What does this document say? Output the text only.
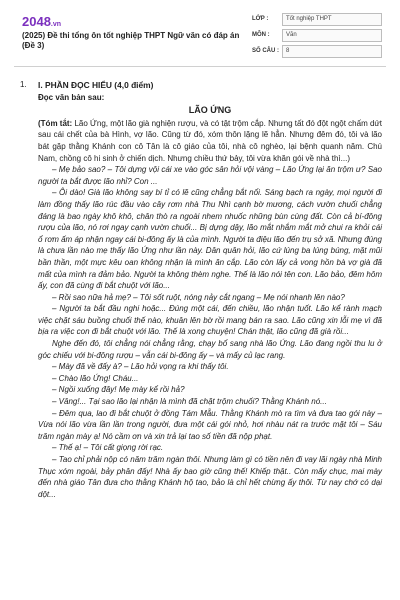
2048.vn
(2025) Đề thi tổng ôn tốt nghiệp THPT Ngữ văn có đáp án (Đề 3)
LỚP :	Tốt nghiệp THPT
MÔN :	Văn
SỐ CÂU :	8
1. I. PHẦN ĐỌC HIỂU (4,0 điểm)
Đọc văn bản sau:
LÃO ỨNG

(Tóm tắt: Lão Ứng, một lão già nghiện rượu, và có tật trộm cắp. Nhưng tất đó đột ngột chấm dứt sau cái chết của bà Hình, vợ lão. Cũng từ đó, xóm thôn lặng lẽ hẳn. Nhưng đêm đó, tôi và lão bát gặp thằng Khánh con cô Tân là cô giáo của tôi, nhà cô nghèo, lại bệnh quanh năm. Chú Nam, chồng cô hi sinh ở chiến dịch. Nhưng chiều thứ bảy, tôi vừa khăn gói về nhà thì...)

– Mẹ bảo sao? – Tôi dựng vội cái xe vào góc sân hỏi vội vàng – Lão Ứng lại ăn trộm ư? Sao người ta bắt được lão nhỉ? Con ...

– Ôi dào! Già lão không say bí tỉ có lẽ cũng chẳng bắt nổi. Sáng bạch ra ngày, mọi người đi làm đồng thấy lão rúc đầu vào cây rơm nhà Thu Nhì cạnh bờ mương, cách vườn chuối chẳng đáng là bao ngày khô khô, chân thò ra ngoài nhem nhuốc những bùn cùng đất. Còn cả bí-đông rượu của lão, nó rơi ngay cạnh vườn chuối... Bị dựng dậy, lão mắt nhắm mắt mở chui ra khỏi cái ổ rơm ấm áp nhận ngay cái bi-đông ấy là của mình. Người ta điệu lão đến trụ sở xã. Nhưng đúng là chưa lần nào mẹ thấy lão Ứng như lần này. Dân quân hỏi, lão cứ lúng ba lúng búng, mặt mũi bần thần, một mực kêu oan không nhận là mình ăn cắp. Lão còn lấy cả vong hồn bà vợ già đã mất của mình ra đảm bảo. Người ta không thèm nghe. Thế là lão nói tên con. Lão bảo, đêm hôm ấy, con đã cùng đi bắt chuột với lão...

– Rồi sao nữa hả mẹ? – Tôi sốt ruột, nóng nảy cắt ngang – Mẹ nói nhanh lên nào?

– Người ta bắt đầu nghi hoặc... Đúng một cái, đến chiều, lão nhận tuốt. Lão kể rành mạch việc chặt sáu buồng chuối thế nào, khuân lên bờ rồi mang bán ra sao. Lão cũng xin lỗi mẹ vì đã bịa ra việc con đi bắt chuột với lão. Thế là xong chuyện! Chán thật, lão cũng đã già rồi...

Nghe đến đó, tôi chẳng nói chẳng rằng, chạy bổ sang nhà lão Ứng. Lão đang ngồi thu lu ở góc chiếu với bi-đông rượu – vẫn cái bi-đông ấy – và mấy củ lạc rang.

– Mày đã về đấy à? – Lão hỏi vọng ra khi thấy tôi.

– Chào lão Ứng! Cháu...

– Ngồi xuống đây! Mẹ mày kể rồi hả?

– Vâng!... Tại sao lão lại nhận là mình đã chặt trộm chuối? Thằng Khánh nó...

– Đêm qua, lao đi bắt chuột ở đồng Tám Mẫu. Thằng Khánh mò ra tìm và đưa tao gói này – Vừa nói lão vừa lần lần trong người, đưa một cái gói nhỏ, hơi nhàu nát ra trước mặt tôi – Sáu trăm ngàn mày ạ! Nó cầm ơn và xin trả lại tao số tiền đã nộp phạt.

– Thế ạ! – Tôi cất giọng rời rạc.

– Tao chỉ phải nộp có năm trăm ngàn thôi. Nhưng làm gì có tiền nên đi vay lãi ngày nhà Minh Thục xóm ngoài, bảy phân đấy! Nhà ấy bao giờ cũng thế! Khiếp thật.. Còn mấy chục, mai mày đến nhà giáo Tân đưa cho thằng Khánh hộ tao, bảo là chỉ hết chừng ấy thôi. Từ nay chớ có dại dột...
